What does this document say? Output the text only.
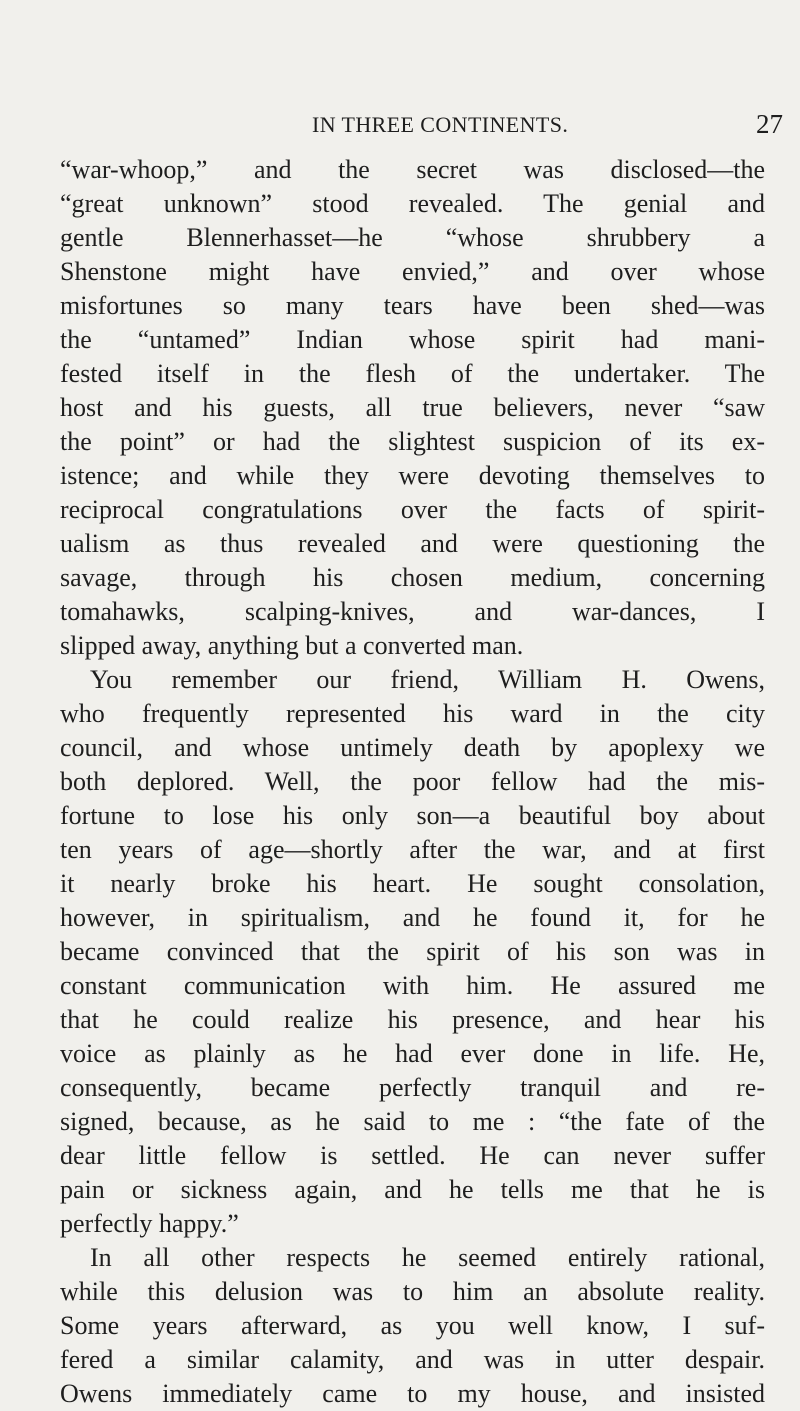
IN THREE CONTINENTS.	27
“war-whoop,” and the secret was disclosed—the
“great unknown” stood revealed. The genial and
gentle Blennerhasset—he “whose shrubbery a
Shenstone might have envied,” and over whose
misfortunes so many tears have been shed—was
the “untamed” Indian whose spirit had mani-
fested itself in the flesh of the undertaker. The
host and his guests, all true believers, never “saw
the point” or had the slightest suspicion of its ex-
istence; and while they were devoting themselves to
reciprocal congratulations over the facts of spirit-
ualism as thus revealed and were questioning the
savage, through his chosen medium, concerning
tomahawks, scalping-knives, and war-dances, I
slipped away, anything but a converted man.
You remember our friend, William H. Owens,
who frequently represented his ward in the city
council, and whose untimely death by apoplexy we
both deplored. Well, the poor fellow had the mis-
fortune to lose his only son—a beautiful boy about
ten years of age—shortly after the war, and at first
it nearly broke his heart. He sought consolation,
however, in spiritualism, and he found it, for he
became convinced that the spirit of his son was in
constant communication with him. He assured me
that he could realize his presence, and hear his
voice as plainly as he had ever done in life. He,
consequently, became perfectly tranquil and re-
signed, because, as he said to me : “the fate of the
dear little fellow is settled. He can never suffer
pain or sickness again, and he tells me that he is
perfectly happy.”
In all other respects he seemed entirely rational,
while this delusion was to him an absolute reality.
Some years afterward, as you well know, I suf-
fered a similar calamity, and was in utter despair.
Owens immediately came to my house, and insisted
